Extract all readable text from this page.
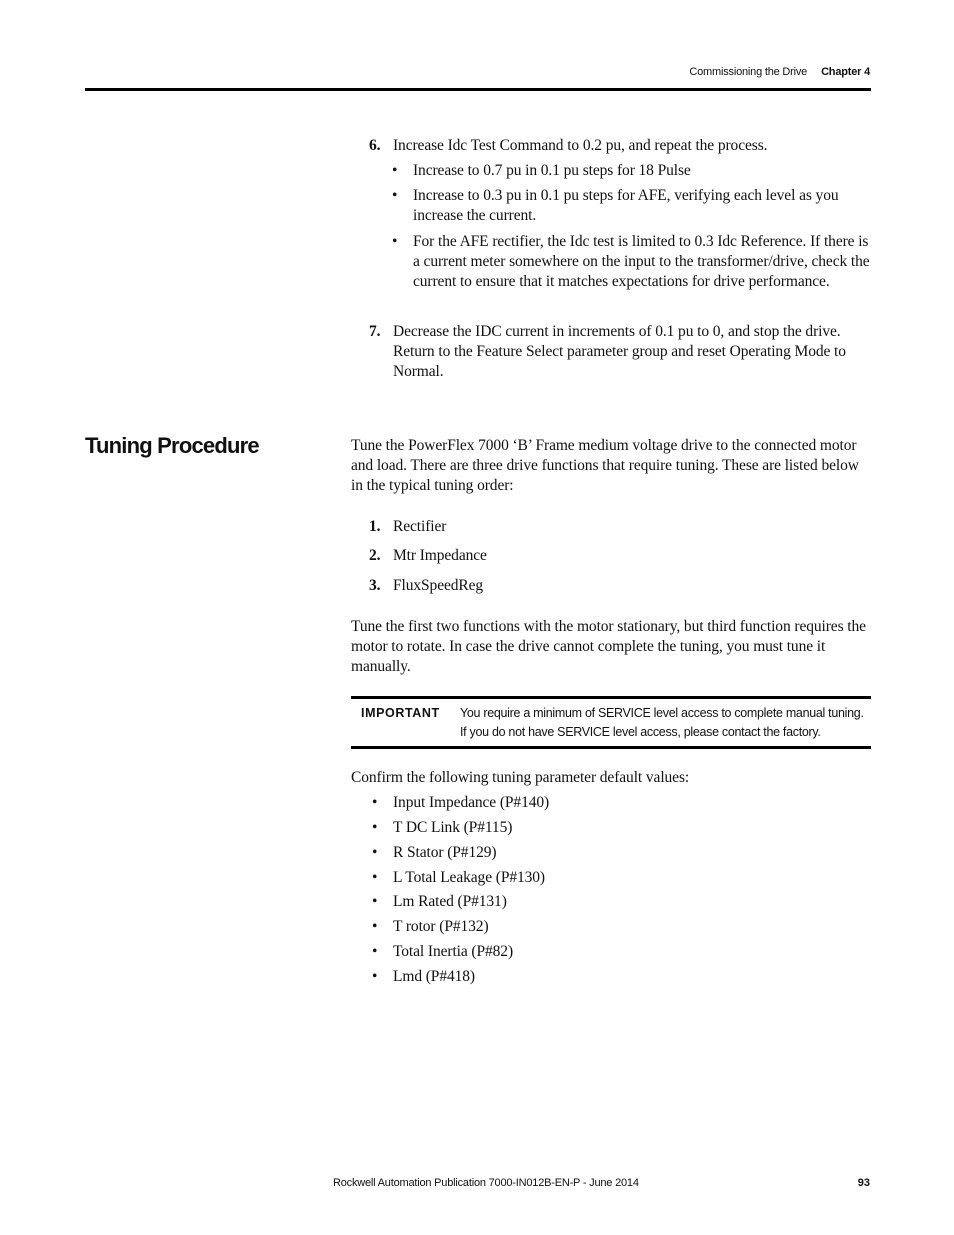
Commissioning the Drive Chapter 4
6. Increase Idc Test Command to 0.2 pu, and repeat the process.
• Increase to 0.7 pu in 0.1 pu steps for 18 Pulse
• Increase to 0.3 pu in 0.1 pu steps for AFE, verifying each level as you increase the current.
• For the AFE rectifier, the Idc test is limited to 0.3 Idc Reference. If there is a current meter somewhere on the input to the transformer/drive, check the current to ensure that it matches expectations for drive performance.
7. Decrease the IDC current in increments of 0.1 pu to 0, and stop the drive. Return to the Feature Select parameter group and reset Operating Mode to Normal.
Tuning Procedure	Tune the PowerFlex 7000 ‘B’ Frame medium voltage drive to the connected motor and load. There are three drive functions that require tuning. These are listed below in the typical tuning order:
1. Rectifier
2. Mtr Impedance
3. FluxSpeedReg
Tune the first two functions with the motor stationary, but third function requires the motor to rotate. In case the drive cannot complete the tuning, you must tune it manually.
IMPORTANT You require a minimum of SERVICE level access to complete manual tuning. If you do not have SERVICE level access, please contact the factory.
Confirm the following tuning parameter default values:
• Input Impedance (P#140)
• T DC Link (P#115)
• R Stator (P#129)
• L Total Leakage (P#130)
• Lm Rated (P#131)
• T rotor (P#132)
• Total Inertia (P#82)
• Lmd (P#418)
Rockwell Automation Publication 7000-IN012B-EN-P - June 2014	93
